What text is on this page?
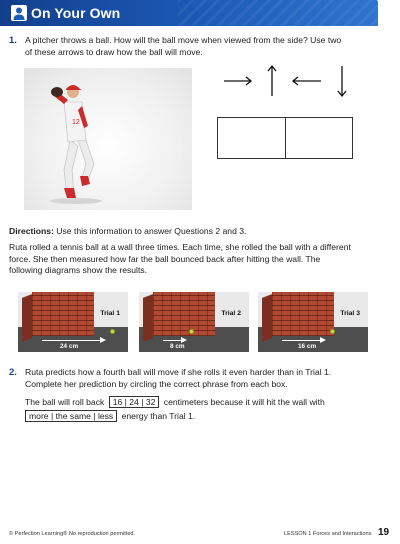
On Your Own
1. A pitcher throws a ball. How will the ball move when viewed from the side? Use two
of these arrows to draw how the ball will move.
12
Directions: Use this information to answer Questions 2 and 3.
Ruta rolled a tennis ball at a wall three times. Each time, she rolled the ball with a different
force. She then measured how far the ball bounced back after hitting the wall. The
following diagrams show the results.
Trial 1
24 cm
Trial 2
8 cm
Trial 3
16 cm
2. Ruta predicts how a fourth ball will move if she rolls it even harder than in Trial 1.
Complete her prediction by circling the correct phrase from each box.
The ball will roll back 16 | 24 | 32 centimeters because it will hit the wall with
more | the same | less energy than Trial 1.
© Perfection Learning® No reproduction permitted.	LESSON 1 Forces and Interactions 19
